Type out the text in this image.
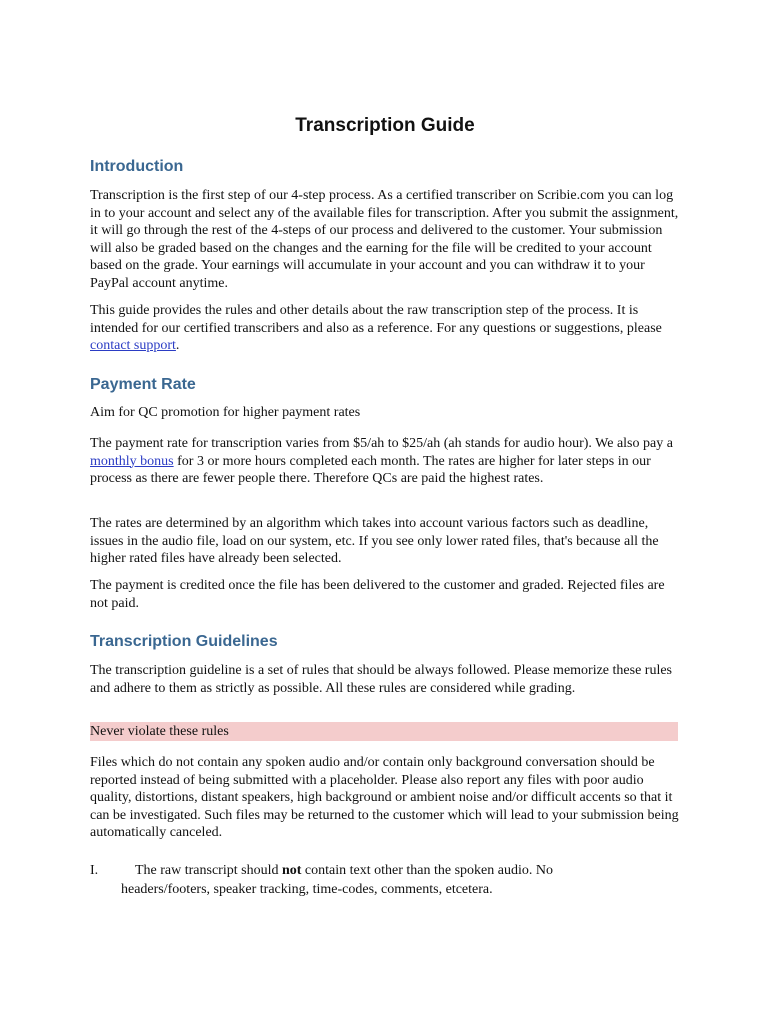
Transcription Guide
Introduction

Transcription is the first step of our 4-step process. As a certified transcriber on Scribie.com you can log in to your account and select any of the available files for transcription. After you submit the assignment, it will go through the rest of the 4-steps of our process and delivered to the customer. Your submission will also be graded based on the changes and the earning for the file will be credited to your account based on the grade. Your earnings will accumulate in your account and you can withdraw it to your PayPal account anytime.

This guide provides the rules and other details about the raw transcription step of the process. It is intended for our certified transcribers and also as a reference. For any questions or suggestions, please contact support.

Payment Rate

Aim for QC promotion for higher payment rates

The payment rate for transcription varies from $5/ah to $25/ah (ah stands for audio hour). We also pay a monthly bonus for 3 or more hours completed each month. The rates are higher for later steps in our process as there are fewer people there. Therefore QCs are paid the highest rates.

The rates are determined by an algorithm which takes into account various factors such as deadline, issues in the audio file, load on our system, etc. If you see only lower rated files, that's because all the higher rated files have already been selected.

The payment is credited once the file has been delivered to the customer and graded. Rejected files are not paid.

Transcription Guidelines

The transcription guideline is a set of rules that should be always followed. Please memorize these rules and adhere to them as strictly as possible. All these rules are considered while grading.

Never violate these rules

Files which do not contain any spoken audio and/or contain only background conversation should be reported instead of being submitted with a placeholder. Please also report any files with poor audio quality, distortions, distant speakers, high background or ambient noise and/or difficult accents so that it can be investigated. Such files may be returned to the customer which will lead to your submission being automatically canceled.

I.	The raw transcript should not contain text other than the spoken audio. No
headers/footers, speaker tracking, time-codes, comments, etcetera.
